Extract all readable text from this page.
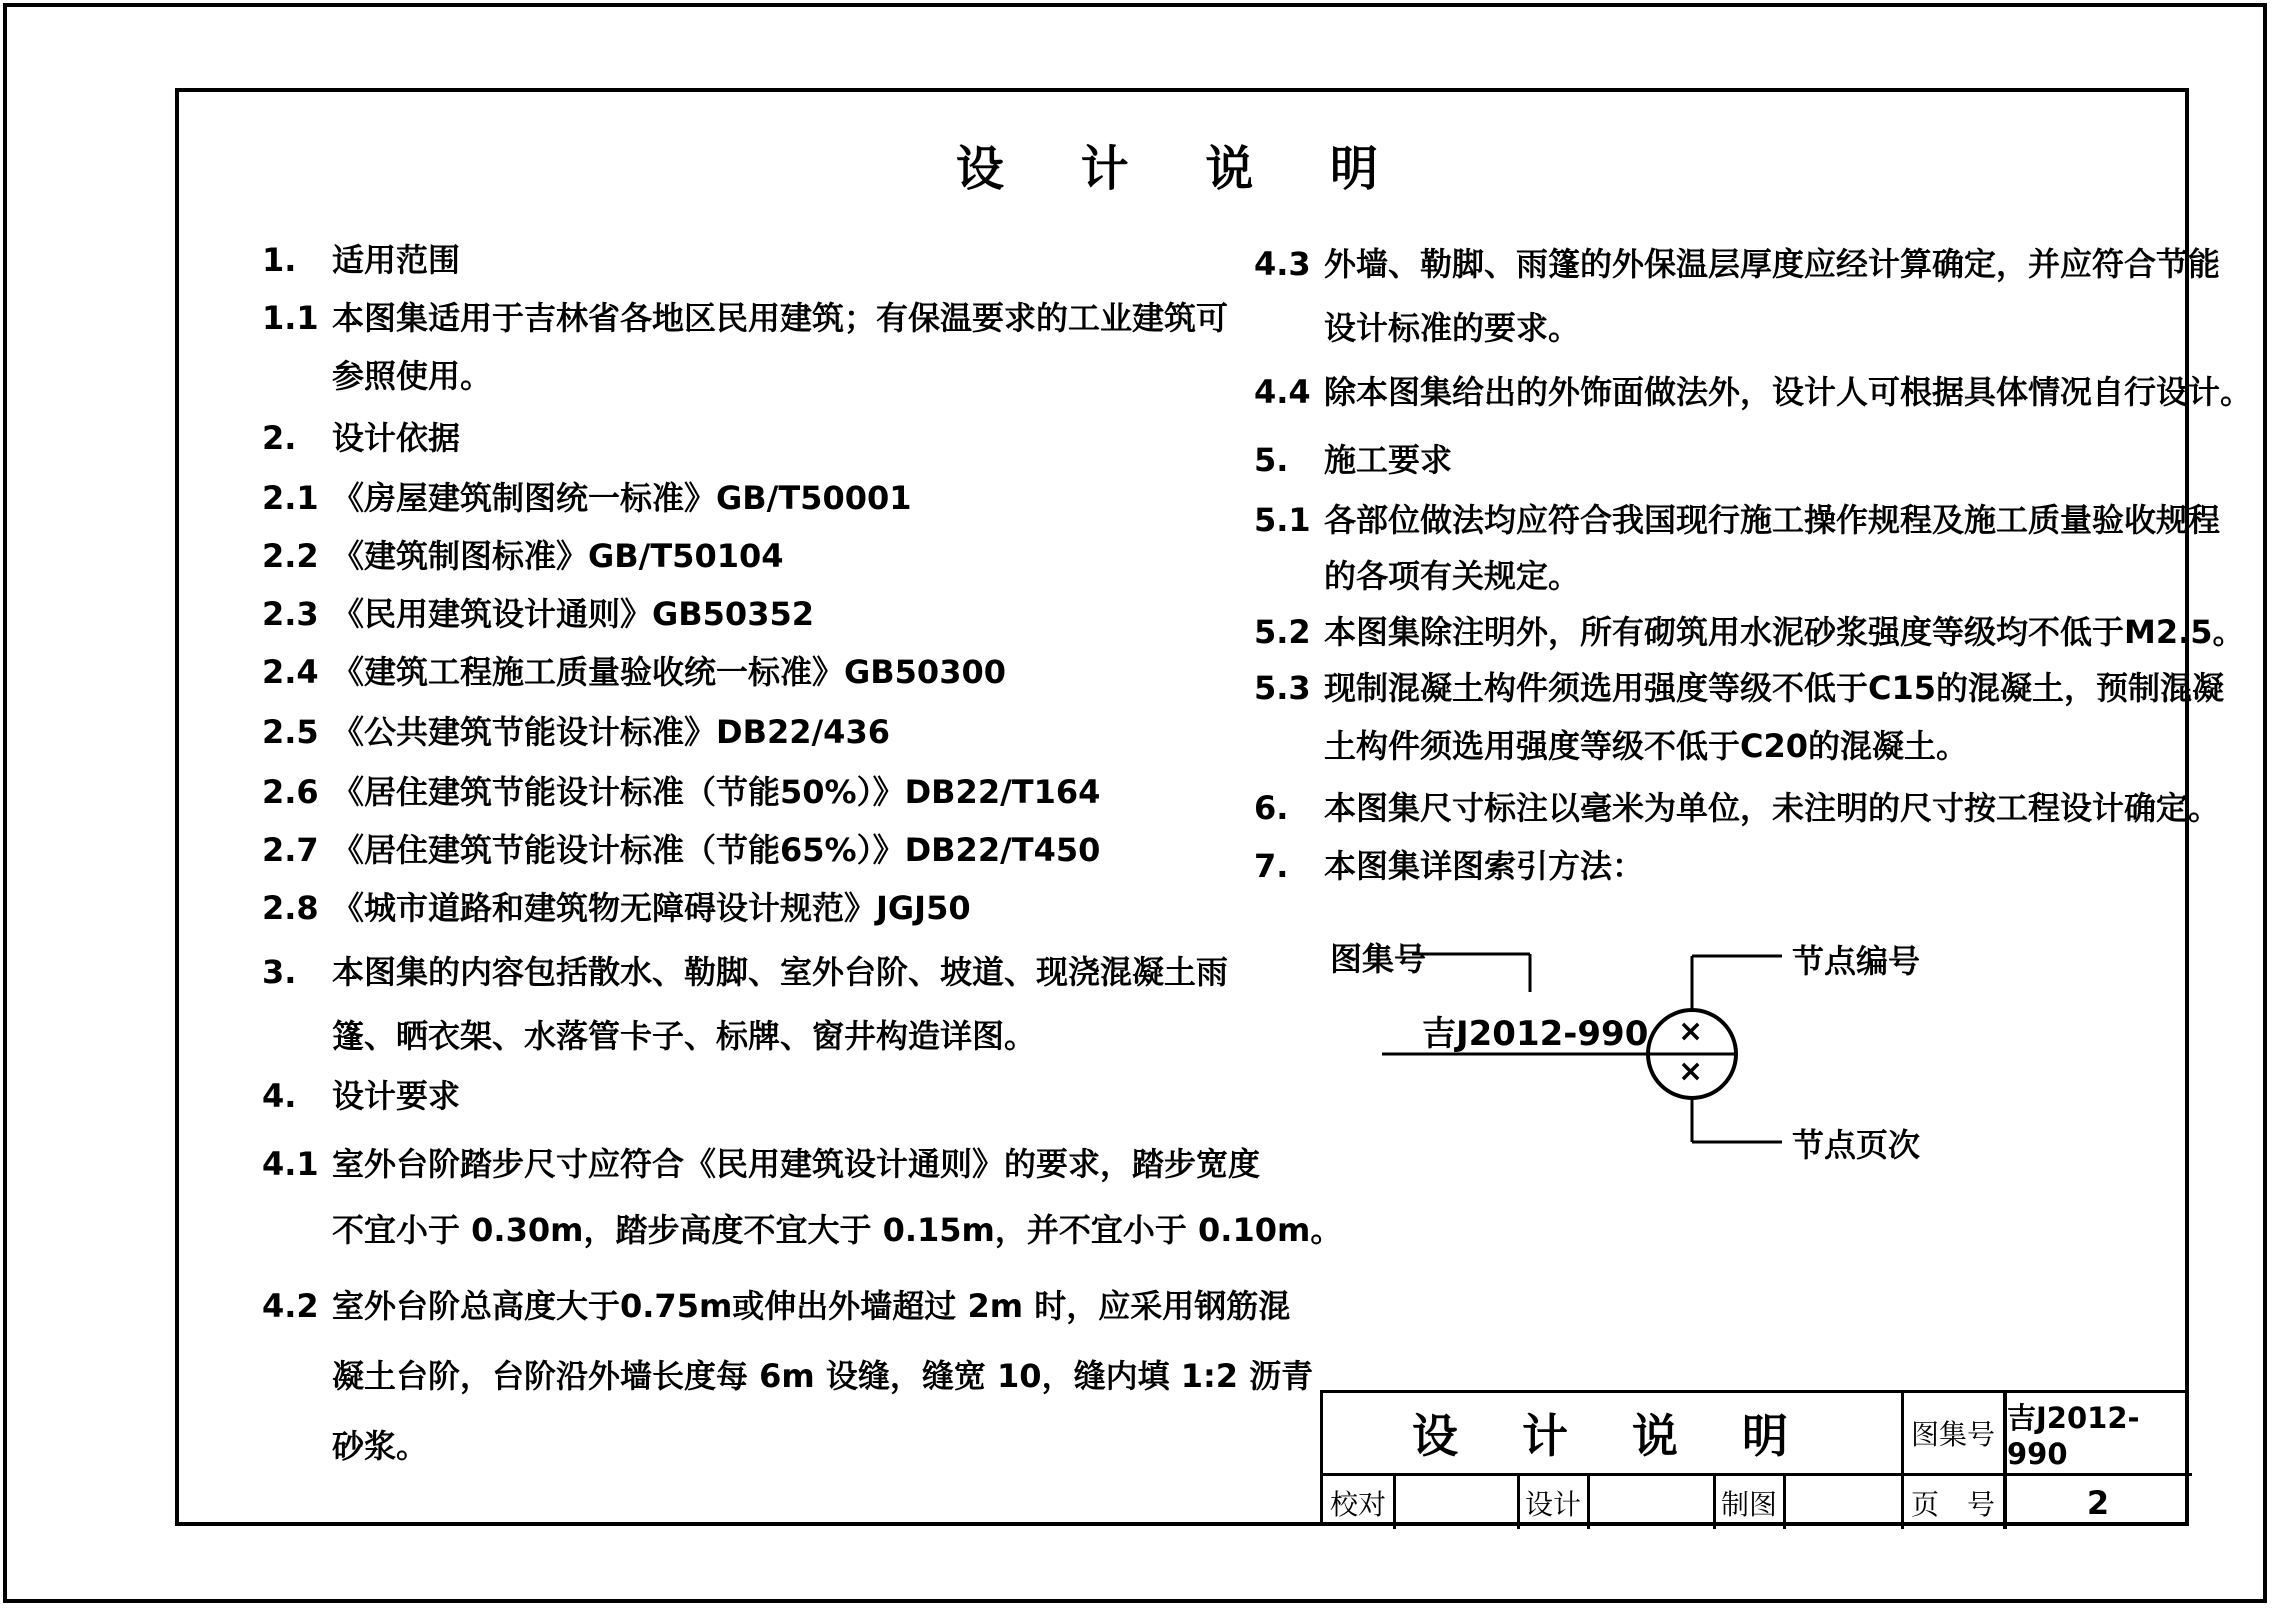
设 计 说 明
1.	适用范围
1.1 本图集适用于吉林省各地区民用建筑；有保温要求的工业建筑可
参照使用。
2.	设计依据
2.1 《房屋建筑制图统一标准》GB/T50001
2.2 《建筑制图标准》GB/T50104
2.3 《民用建筑设计通则》GB50352
2.4 《建筑工程施工质量验收统一标准》GB50300
2.5 《公共建筑节能设计标准》DB22/436
2.6 《居住建筑节能设计标准（节能50%）》DB22/T164
2.7 《居住建筑节能设计标准（节能65%）》DB22/T450
2.8 《城市道路和建筑物无障碍设计规范》JGJ50
3.	本图集的内容包括散水、勒脚、室外台阶、坡道、现浇混凝土雨
篷、晒衣架、水落管卡子、标牌、窗井构造详图。
4.	设计要求
4.1 室外台阶踏步尺寸应符合《民用建筑设计通则》的要求，踏步宽度
不宜小于 0.30m，踏步高度不宜大于 0.15m，并不宜小于 0.10m。
4.2 室外台阶总高度大于0.75m或伸出外墙超过 2m 时，应采用钢筋混
凝土台阶，台阶沿外墙长度每 6m 设缝，缝宽 10，缝内填 1:2 沥青
砂浆。
4.3 外墙、勒脚、雨篷的外保温层厚度应经计算确定，并应符合节能
设计标准的要求。
4.4 除本图集给出的外饰面做法外，设计人可根据具体情况自行设计。
5.	施工要求
5.1 各部位做法均应符合我国现行施工操作规程及施工质量验收规程
的各项有关规定。
5.2 本图集除注明外，所有砌筑用水泥砂浆强度等级均不低于M2.5。
5.3 现制混凝土构件须选用强度等级不低于C15的混凝土，预制混凝
土构件须选用强度等级不低于C20的混凝土。
6.	本图集尺寸标注以毫米为单位，未注明的尺寸按工程设计确定。
7.	本图集详图索引方法：
图集号
吉J2012-990
节点编号
节点页次
×
×
设 计 说 明	图集号 吉J2012-990
校对	设计	制图	页　号	2
